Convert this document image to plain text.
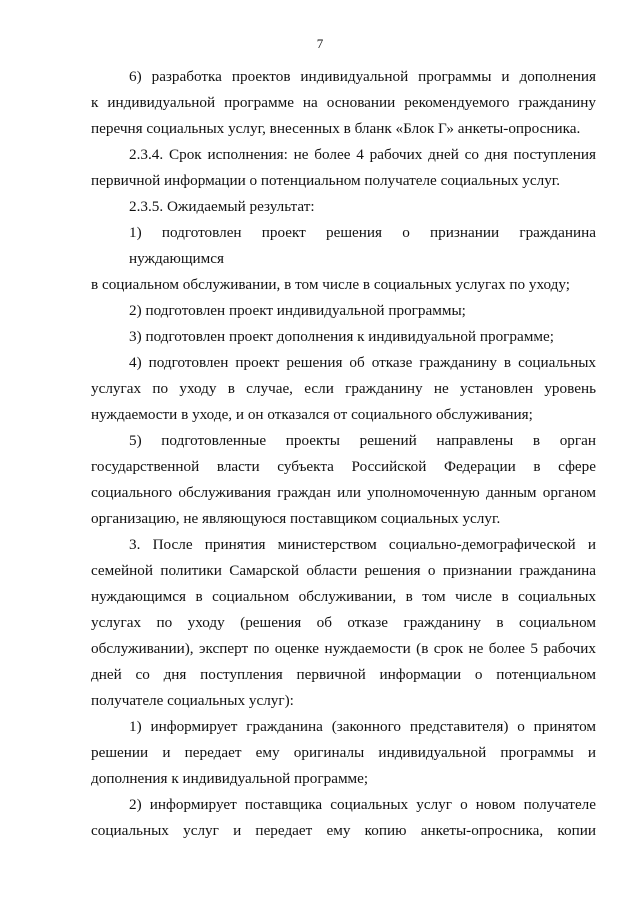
7
6) разработка проектов индивидуальной программы и дополнения
к индивидуальной программе на основании рекомендуемого гражданину
перечня социальных услуг, внесенных в бланк «Блок Г» анкеты-опросника.
2.3.4. Срок исполнения: не более 4 рабочих дней со дня поступления
первичной информации о потенциальном получателе социальных услуг.
2.3.5. Ожидаемый результат:
1) подготовлен проект решения о признании гражданина нуждающимся
в социальном обслуживании, в том числе в социальных услугах по уходу;
2) подготовлен проект индивидуальной программы;
3) подготовлен проект дополнения к индивидуальной программе;
4) подготовлен проект решения об отказе гражданину в социальных
услугах по уходу в случае, если гражданину не установлен уровень
нуждаемости в уходе, и он отказался от социального обслуживания;
5) подготовленные проекты решений направлены в орган
государственной власти субъекта Российской Федерации в сфере
социального обслуживания граждан или уполномоченную данным органом
организацию, не являющуюся поставщиком социальных услуг.
3. После принятия министерством социально-демографической и
семейной политики Самарской области решения о признании гражданина
нуждающимся в социальном обслуживании, в том числе в социальных
услугах по уходу (решения об отказе гражданину в социальном
обслуживании), эксперт по оценке нуждаемости (в срок не более 5 рабочих
дней со дня поступления первичной информации о потенциальном
получателе социальных услуг):
1) информирует гражданина (законного представителя) о принятом
решении и передает ему оригиналы индивидуальной программы и
дополнения к индивидуальной программе;
2) информирует поставщика социальных услуг о новом получателе
социальных услуг и передает ему копию анкеты-опросника, копии
